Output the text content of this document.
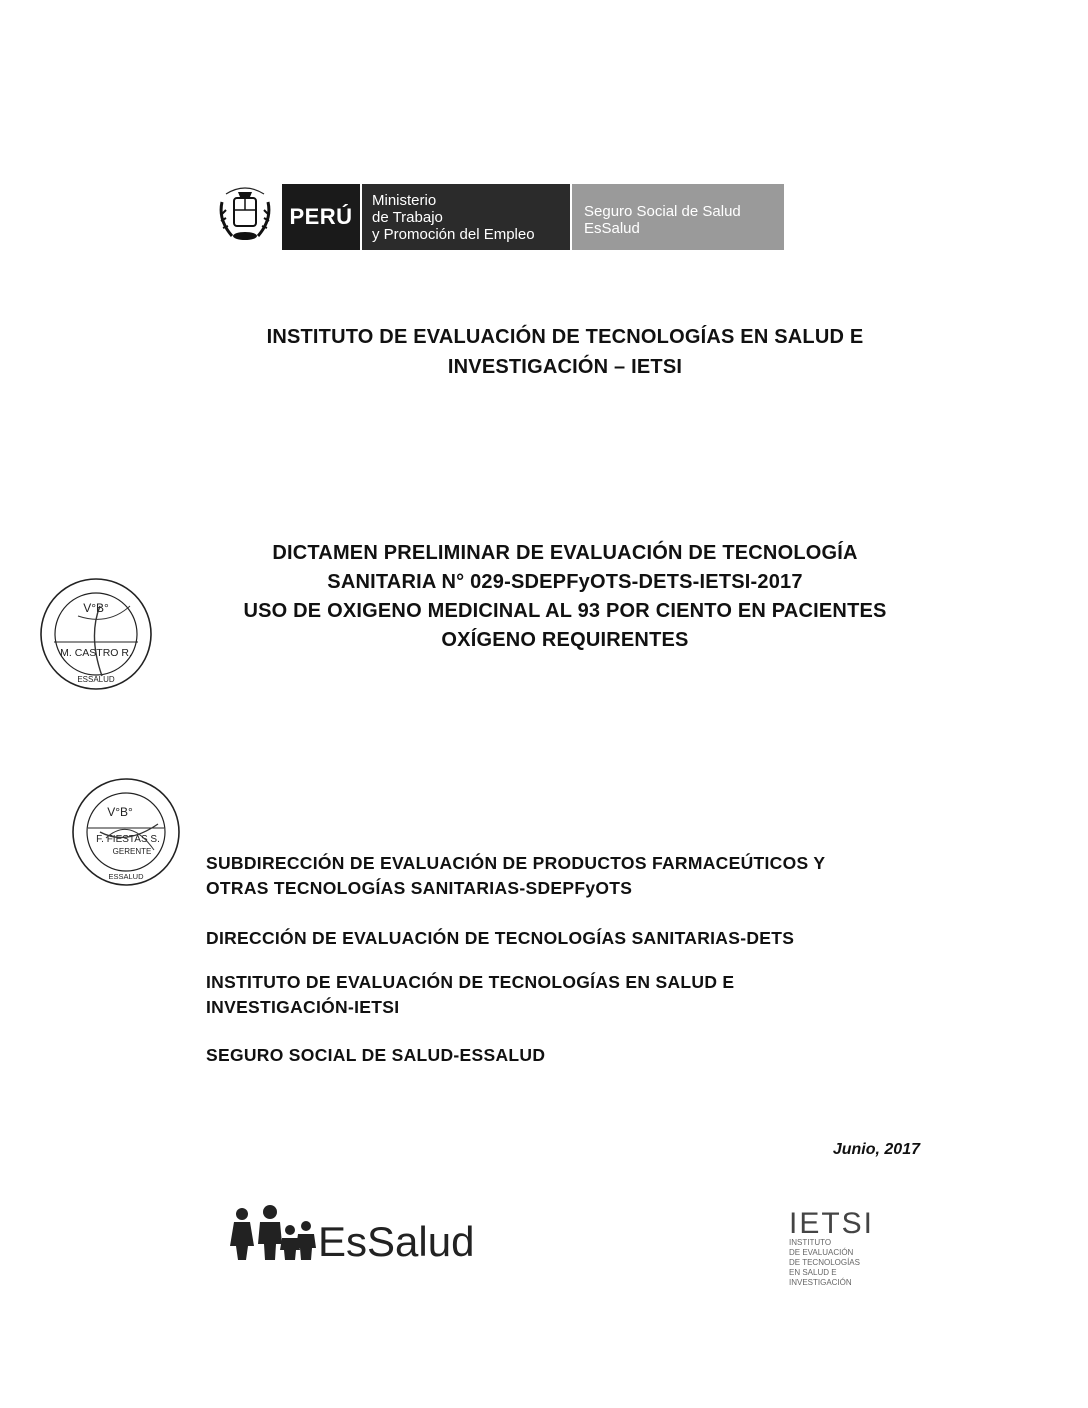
PERÚ
Ministerio
de Trabajo
y Promoción del Empleo
Seguro Social de Salud
EsSalud
INSTITUTO DE EVALUACIÓN DE TECNOLOGÍAS EN SALUD E
INVESTIGACIÓN – IETSI
DICTAMEN PRELIMINAR DE EVALUACIÓN DE TECNOLOGÍA
SANITARIA N° 029-SDEPFyOTS-DETS-IETSI-2017
USO DE OXIGENO MEDICINAL AL 93 POR CIENTO EN PACIENTES
OXÍGENO REQUIRENTES
V°B°
M. CASTRO R.
ESSALUD
V°B°
F. FIESTAS S.
GERENTE
ESSALUD
SUBDIRECCIÓN DE EVALUACIÓN DE PRODUCTOS FARMACEÚTICOS Y
OTRAS TECNOLOGÍAS SANITARIAS-SDEPFyOTS
DIRECCIÓN DE EVALUACIÓN DE TECNOLOGÍAS SANITARIAS-DETS
INSTITUTO DE EVALUACIÓN DE TECNOLOGÍAS EN SALUD E
INVESTIGACIÓN-IETSI
SEGURO SOCIAL DE SALUD-ESSALUD
Junio, 2017
EsSalud	IETSI
INSTITUTO
DE EVALUACIÓN
DE TECNOLOGÍAS
EN SALUD E
INVESTIGACIÓN
